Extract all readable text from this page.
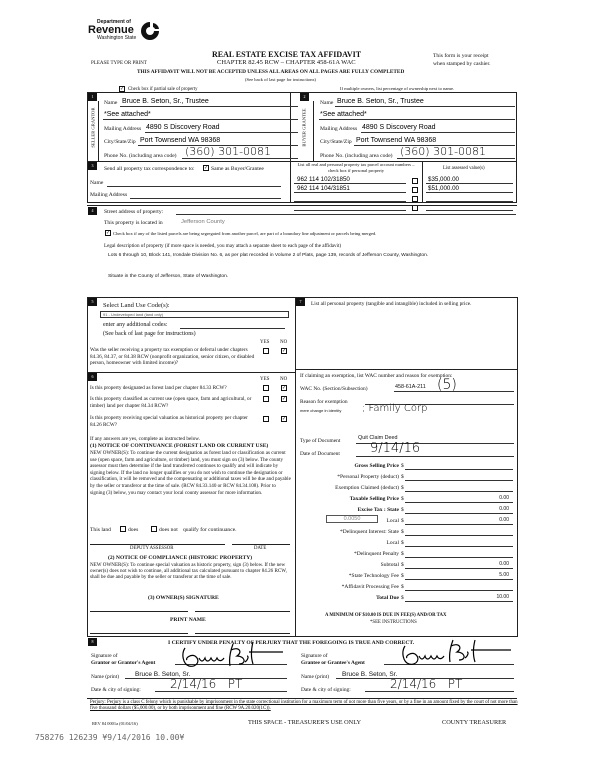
Department of
Revenue
Washington State
REAL ESTATE EXCISE TAX AFFIDAVIT
CHAPTER 82.45 RCW – CHAPTER 458-61A WAC
PLEASE TYPE OR PRINT
This form is your receipt
when stamped by cashier.
THIS AFFIDAVIT WILL NOT BE ACCEPTED UNLESS ALL AREAS ON ALL PAGES ARE FULLY COMPLETED
(See back of last page for instructions)
✓ Check box if partial sale of property	If multiple owners, list percentage of ownership next to name.
1	2
SELLER GRANTOR	BUYER GRANTEE
Name Bruce B. Seton, Sr., Trustee
*See attached*
Mailing Address 4890 S Discovery Road
City/State/Zip Port Townsend WA 98368
Phone No. (including area code) (360) 301-0081
Name Bruce B. Seton, Sr., Trustee
*See attached*
Mailing Address 4890 S Discovery Road
City/State/Zip Port Townsend WA 98368
Phone No. (including area code) (360) 301-0081
3
Send all property tax correspondence to: ✓ Same as Buyer/Grantee
Name
Mailing Address
List all real and personal property tax parcel account numbers – check box if personal property	List assessed value(s)
962 114 102/31850	$35,000.00
962 114 104/31851	$51,000.00
4	Street address of property:
This property is located in	Jefferson County
✓ Check box if any of the listed parcels are being segregated from another parcel, are part of a boundary line adjustment or parcels being merged.
Legal description of property (if more space is needed, you may attach a separate sheet to each page of the affidavit)

Lots 6 through 10, Block 141, Irondale Division No. 6, as per plat recorded in Volume 2 of Plats, page 139, records of Jefferson County, Washington.

Situate in the County of Jefferson, State of Washington.
5
Select Land Use Code(s):
91 - Undeveloped land (land only)
enter any additional codes:
(See back of last page for instructions)
YES NO

Was the seller receiving a property tax exemption or deferral under chapters 84.36, 84.37, or 84.38 RCW (nonprofit organization, senior citizen, or disabled person, homeowner with limited income)?

✓
6
YES NO

Is this property designated as forest land per chapter 84.33 RCW?	✓

Is this property classified as current use (open space, farm and agricultural, or timber) land per chapter 84.34 RCW?

✓

Is this property receiving special valuation as historical property per chapter 84.26 RCW?

✓
If any answers are yes, complete as instructed below.
(1) NOTICE OF CONTINUANCE (FOREST LAND OR CURRENT USE)

NEW OWNER(S): To continue the current designation as forest land or classification as current use (open space, farm and agriculture, or timber) land, you must sign on (3) below. The county assessor must then determine if the land transferred continues to qualify and will indicate by signing below. If the land no longer qualifies or you do not wish to continue the designation or classification, it will be removed and the compensating or additional taxes will be due and payable by the seller or transferor at the time of sale. (RCW 84.33.140 or RCW 84.34.108). Prior to signing (3) below, you may contact your local county assessor for more information.

This land	does	does not qualify for continuance.
DEPUTY ASSESSOR	DATE
(2) NOTICE OF COMPLIANCE (HISTORIC PROPERTY)

NEW OWNER(S): To continue special valuation as historic property, sign (3) below. If the new owner(s) does not wish to continue, all additional tax calculated pursuant to chapter 84.26 RCW, shall be due and payable by the seller or transferor at the time of sale.

(3) OWNER(S) SIGNATURE
PRINT NAME
7	List all personal property (tangible and intangible) included in selling price.

If claiming an exemption, list WAC number and reason for exemption:
WAC No. (Section/Subsection)	458-61A-211 (5)
Reason for exemption
mere change in identity ; Family Corp
Type of Document	Quit Claim Deed
Date of Document 9/14/16
Gross Selling Price $
*Personal Property (deduct) $
Exemption Claimed (deduct) $
Taxable Selling Price $	0.00
Excise Tax : State $	0.00
Local $	0.00
*Delinquent Interest: State $
Local $
*Delinquent Penalty $
Subtotal $	0.00
*State Technology Fee $	5.00
*Affidavit Processing Fee $
Total Due $	10.00
0.0050
A MINIMUM OF $10.00 IS DUE IN FEE(S) AND/OR TAX
*SEE INSTRUCTIONS
8	I CERTIFY UNDER PENALTY OF PERJURY THAT THE FOREGOING IS TRUE AND CORRECT.
Signature of
Grantor or Grantor's Agent
Signature of
Grantee or Grantee's Agent
Name (print) Bruce B. Seton, Sr.	Name (print) Bruce B. Seton, Sr.
Date & city of signing: 2/14/16   PT	Date & city of signing:	2/14/16   PT

Perjury: Perjury is a class C felony which is punishable by imprisonment in the state correctional institution for a maximum term of not more than five years, or by a fine in an amount fixed by the court of not more than five thousand dollars ($5,000.00), or by both imprisonment and fine (RCW 9A.20.020(1C)).

REV 84 0001a (01/04/16)	THIS SPACE - TREASURER'S USE ONLY	COUNTY TREASURER
758276 126239 ¥9/14/2016 10.00¥
